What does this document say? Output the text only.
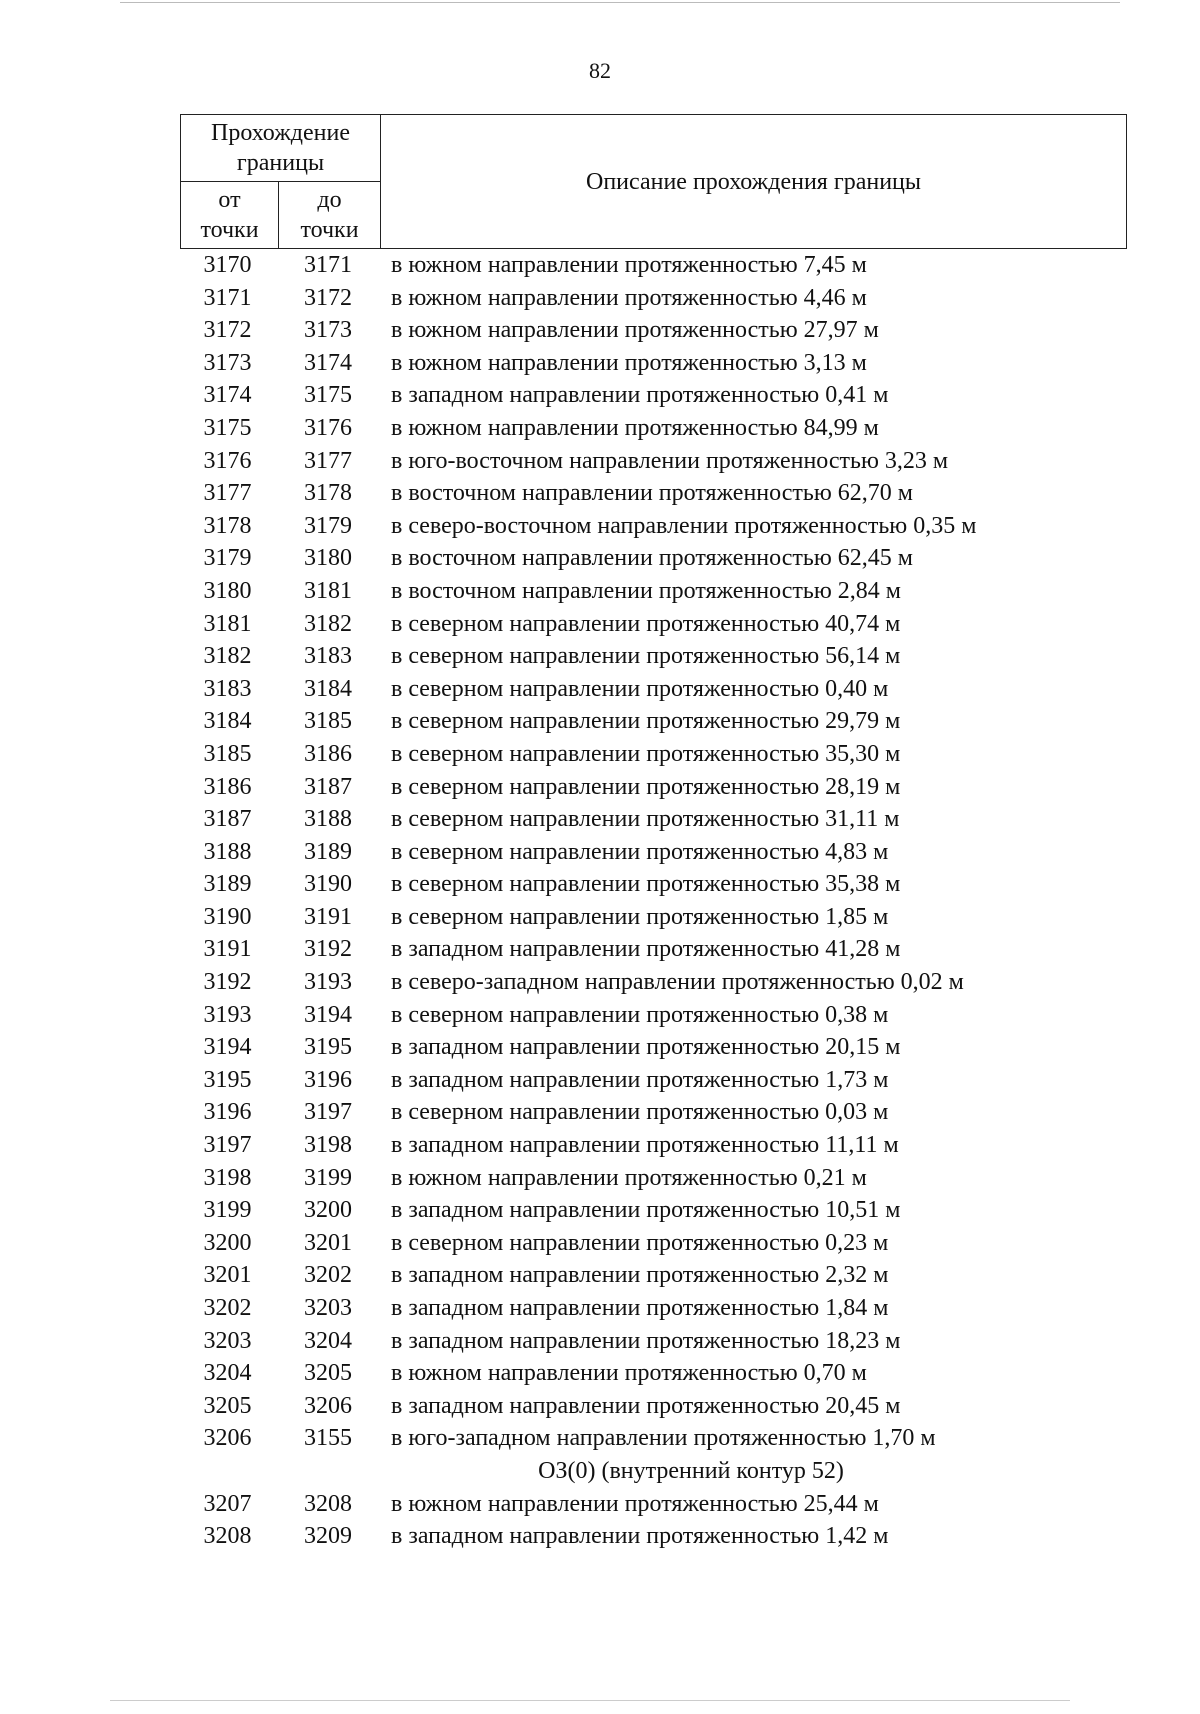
82
Прохождение границы
от точки
до точки
Описание прохождения границы
3170	3171	в южном направлении протяженностью 7,45 м
3171	3172	в южном направлении протяженностью 4,46 м
3172	3173	в южном направлении протяженностью 27,97 м
3173	3174	в южном направлении протяженностью 3,13 м
3174	3175	в западном направлении протяженностью 0,41 м
3175	3176	в южном направлении протяженностью 84,99 м
3176	3177	в юго-восточном направлении протяженностью 3,23 м
3177	3178	в восточном направлении протяженностью 62,70 м
3178	3179	в северо-восточном направлении протяженностью 0,35 м
3179	3180	в восточном направлении протяженностью 62,45 м
3180	3181	в восточном направлении протяженностью 2,84 м
3181	3182	в северном направлении протяженностью 40,74 м
3182	3183	в северном направлении протяженностью 56,14 м
3183	3184	в северном направлении протяженностью 0,40 м
3184	3185	в северном направлении протяженностью 29,79 м
3185	3186	в северном направлении протяженностью 35,30 м
3186	3187	в северном направлении протяженностью 28,19 м
3187	3188	в северном направлении протяженностью 31,11 м
3188	3189	в северном направлении протяженностью 4,83 м
3189	3190	в северном направлении протяженностью 35,38 м
3190	3191	в северном направлении протяженностью 1,85 м
3191	3192	в западном направлении протяженностью 41,28 м
3192	3193	в северо-западном направлении протяженностью 0,02 м
3193	3194	в северном направлении протяженностью 0,38 м
3194	3195	в западном направлении протяженностью 20,15 м
3195	3196	в западном направлении протяженностью 1,73 м
3196	3197	в северном направлении протяженностью 0,03 м
3197	3198	в западном направлении протяженностью 11,11 м
3198	3199	в южном направлении протяженностью 0,21 м
3199	3200	в западном направлении протяженностью 10,51 м
3200	3201	в северном направлении протяженностью 0,23 м
3201	3202	в западном направлении протяженностью 2,32 м
3202	3203	в западном направлении протяженностью 1,84 м
3203	3204	в западном направлении протяженностью 18,23 м
3204	3205	в южном направлении протяженностью 0,70 м
3205	3206	в западном направлении протяженностью 20,45 м
3206	3155	в юго-западном направлении протяженностью 1,70 м
ОЗ(0) (внутренний контур 52)
3207	3208	в южном направлении протяженностью 25,44 м
3208	3209	в западном направлении протяженностью 1,42 м
